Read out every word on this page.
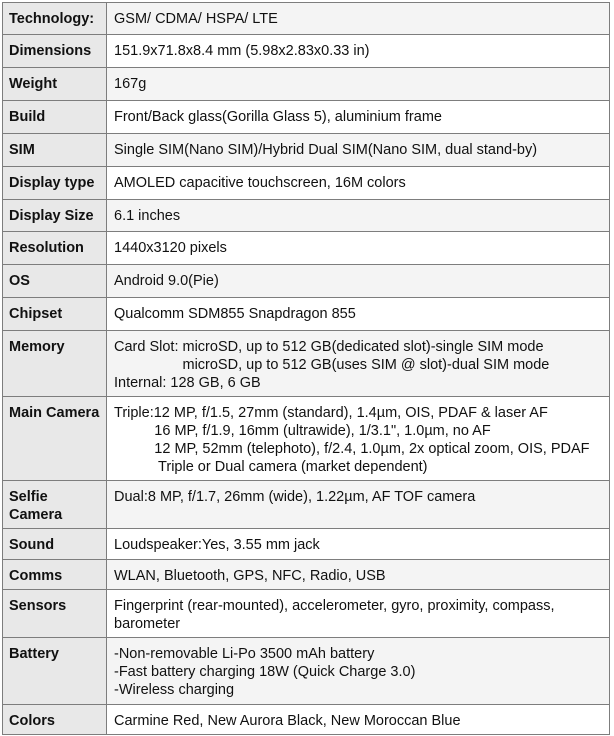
Technology:	GSM/ CDMA/ HSPA/ LTE
Dimensions	151.9x71.8x8.4 mm (5.98x2.83x0.33 in)
Weight	167g
Build	Front/Back glass(Gorilla Glass 5), aluminium frame
SIM	Single SIM(Nano SIM)/Hybrid Dual SIM(Nano SIM, dual stand-by)
Display type	AMOLED capacitive touchscreen, 16M colors
Display Size	6.1 inches
Resolution	1440x3120 pixels
OS	Android 9.0(Pie)
Chipset	Qualcomm SDM855 Snapdragon 855
Memory	Card Slot: microSD, up to 512 GB(dedicated slot)-single SIM mode
microSD, up to 512 GB(uses SIM @ slot)-dual SIM mode
Internal: 128 GB, 6 GB

Main Camera	Triple:12 MP, f/1.5, 27mm (standard), 1.4µm, OIS, PDAF & laser AF
16 MP, f/1.9, 16mm (ultrawide), 1/3.1", 1.0µm, no AF
12 MP, 52mm (telephoto), f/2.4, 1.0µm, 2x optical zoom, OIS, PDAF
Triple or Dual camera (market dependent)

Selfie Camera	Dual:8 MP, f/1.7, 26mm (wide), 1.22µm, AF TOF camera
Sound	Loudspeaker:Yes, 3.55 mm jack
Comms	WLAN, Bluetooth, GPS, NFC, Radio, USB
Sensors	Fingerprint (rear-mounted), accelerometer, gyro, proximity, compass, barometer
Battery	-Non-removable Li-Po 3500 mAh battery
-Fast battery charging 18W (Quick Charge 3.0)
-Wireless charging

Colors	Carmine Red, New Aurora Black, New Moroccan Blue
